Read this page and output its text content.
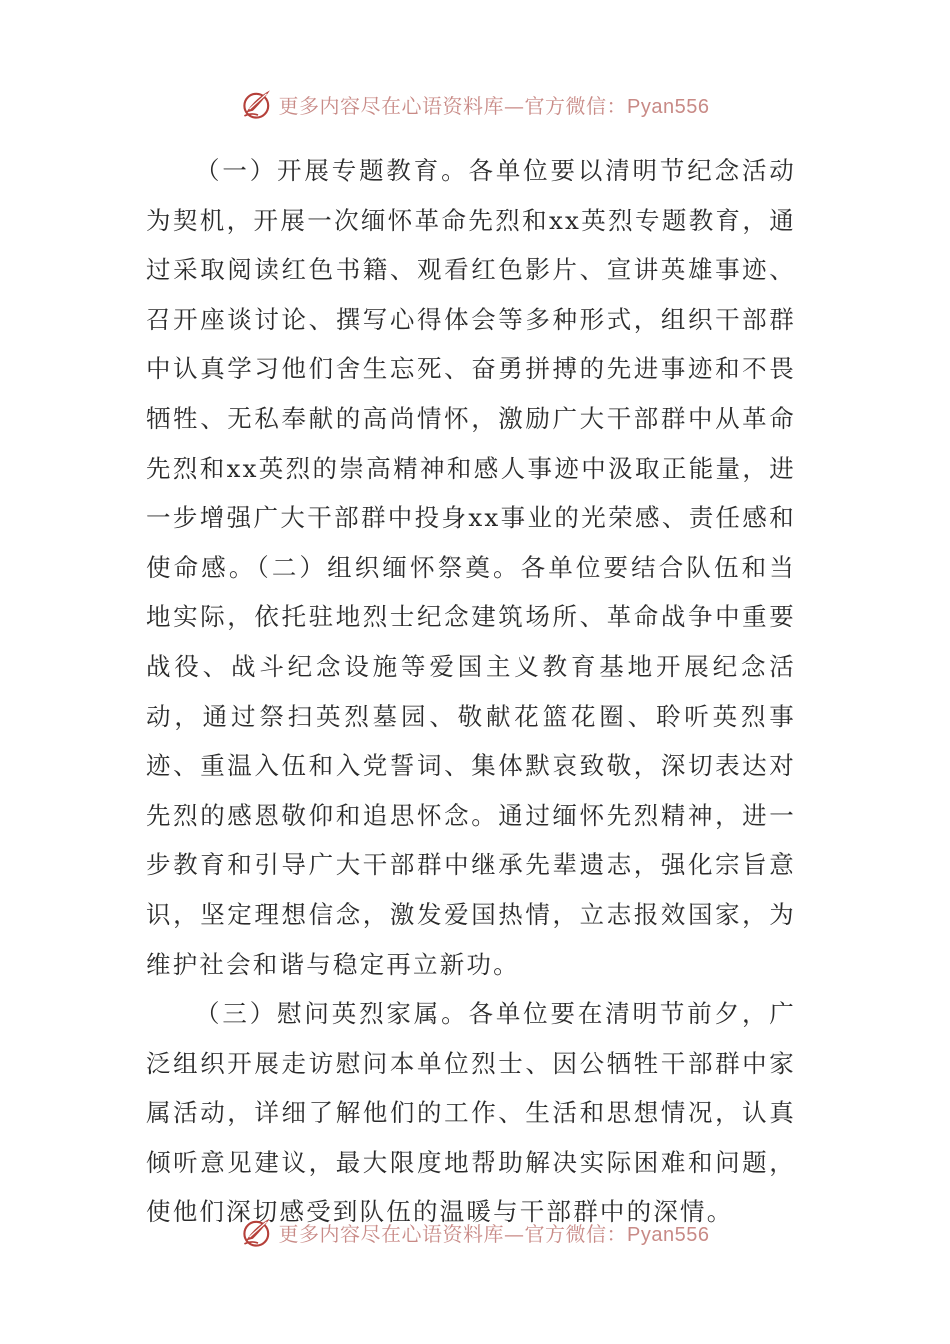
更多内容尽在心语资料库—官方微信：Pyan556

（一）开展专题教育。各单位要以清明节纪念活动为契机，开展一次缅怀革命先烈和xx英烈专题教育，通过采取阅读红色书籍、观看红色影片、宣讲英雄事迹、召开座谈讨论、撰写心得体会等多种形式，组织干部群中认真学习他们舍生忘死、奋勇拼搏的先进事迹和不畏牺牲、无私奉献的高尚情怀，激励广大干部群中从革命先烈和xx英烈的崇高精神和感人事迹中汲取正能量，进一步增强广大干部群中投身xx事业的光荣感、责任感和使命感。（二）组织缅怀祭奠。各单位要结合队伍和当地实际，依托驻地烈士纪念建筑场所、革命战争中重要战役、战斗纪念设施等爱国主义教育基地开展纪念活动，通过祭扫英烈墓园、敬献花篮花圈、聆听英烈事迹、重温入伍和入党誓词、集体默哀致敬，深切表达对先烈的感恩敬仰和追思怀念。通过缅怀先烈精神，进一步教育和引导广大干部群中继承先辈遗志，强化宗旨意识，坚定理想信念，激发爱国热情，立志报效国家，为维护社会和谐与稳定再立新功。

（三）慰问英烈家属。各单位要在清明节前夕，广泛组织开展走访慰问本单位烈士、因公牺牲干部群中家属活动，详细了解他们的工作、生活和思想情况，认真倾听意见建议，最大限度地帮助解决实际困难和问题，使他们深切感受到队伍的温暖与干部群中的深情。

更多内容尽在心语资料库—官方微信：Pyan556
